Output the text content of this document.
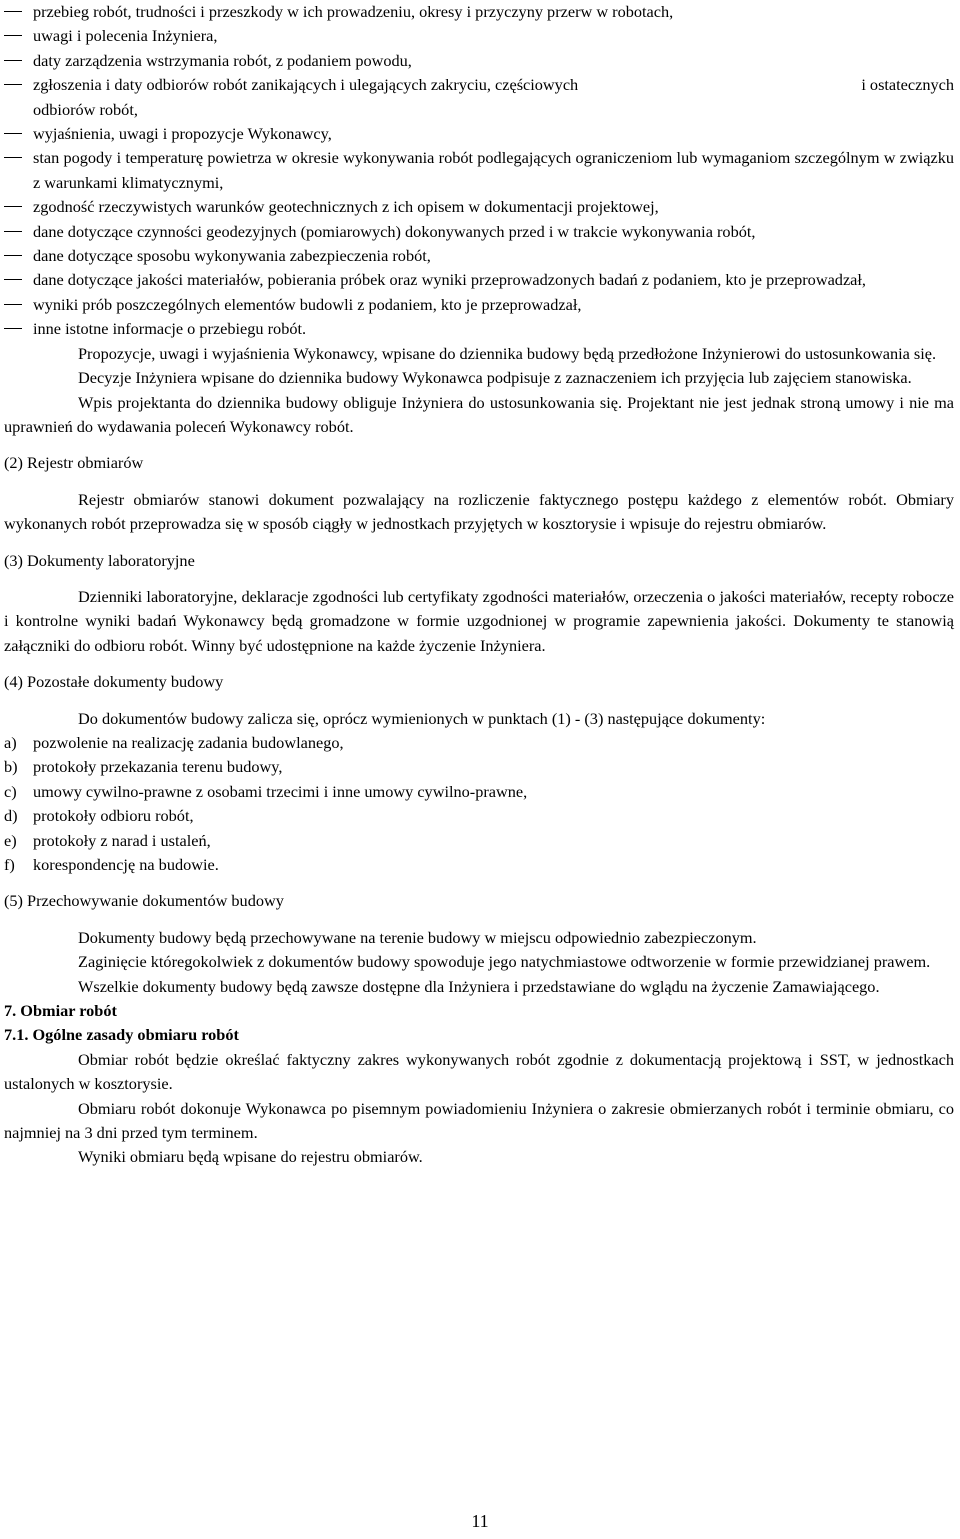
przebieg robót, trudności i przeszkody w ich prowadzeniu, okresy i przyczyny przerw w robotach,
uwagi i polecenia Inżyniera,
daty zarządzenia wstrzymania robót, z podaniem powodu,
zgłoszenia i daty odbiorów robót zanikających i ulegających zakryciu, częściowych	i ostatecznych
odbiorów robót,
wyjaśnienia, uwagi i propozycje Wykonawcy,
stan pogody i temperaturę powietrza w okresie wykonywania robót podlegających ograniczeniom lub wymaganiom szczególnym w związku z warunkami klimatycznymi,
zgodność rzeczywistych warunków geotechnicznych z ich opisem w dokumentacji projektowej,
dane dotyczące czynności geodezyjnych (pomiarowych) dokonywanych przed i w trakcie wykonywania robót,
dane dotyczące sposobu wykonywania zabezpieczenia robót,
dane dotyczące jakości materiałów, pobierania próbek oraz wyniki przeprowadzonych badań z podaniem, kto je przeprowadzał,
wyniki prób poszczególnych elementów budowli z podaniem, kto je przeprowadzał,
inne istotne informacje o przebiegu robót.

Propozycje, uwagi i wyjaśnienia Wykonawcy, wpisane do dziennika budowy będą przedłożone Inżynierowi do ustosunkowania się.

Decyzje Inżyniera wpisane do dziennika budowy Wykonawca podpisuje z zaznaczeniem ich przyjęcia lub zajęciem stanowiska.

Wpis projektanta do dziennika budowy obliguje Inżyniera do ustosunkowania się. Projektant nie jest jednak stroną umowy i nie ma uprawnień do wydawania poleceń Wykonawcy robót.

(2) Rejestr obmiarów

Rejestr obmiarów stanowi dokument pozwalający na rozliczenie faktycznego postępu każdego z elementów robót. Obmiary wykonanych robót przeprowadza się w sposób ciągły w jednostkach przyjętych w kosztorysie i wpisuje do rejestru obmiarów.

(3) Dokumenty laboratoryjne

Dzienniki laboratoryjne, deklaracje zgodności lub certyfikaty zgodności materiałów, orzeczenia o jakości materiałów, recepty robocze i kontrolne wyniki badań Wykonawcy będą gromadzone w formie uzgodnionej w programie zapewnienia jakości. Dokumenty te stanowią załączniki do odbioru robót. Winny być udostępnione na każde życzenie Inżyniera.

(4) Pozostałe dokumenty budowy

Do dokumentów budowy zalicza się, oprócz wymienionych w punktach (1) - (3) następujące dokumenty:

a)	pozwolenie na realizację zadania budowlanego,
b) protokoły przekazania terenu budowy,
c)	umowy cywilno-prawne z osobami trzecimi i inne umowy cywilno-prawne,
d) protokoły odbioru robót,
e)	protokoły z narad i ustaleń,
f)	korespondencję na budowie.

(5) Przechowywanie dokumentów budowy

Dokumenty budowy będą przechowywane na terenie budowy w miejscu odpowiednio zabezpieczonym.

Zaginięcie któregokolwiek z dokumentów budowy spowoduje jego natychmiastowe odtworzenie w formie przewidzianej prawem.

Wszelkie dokumenty budowy będą zawsze dostępne dla Inżyniera i przedstawiane do wglądu na życzenie Zamawiającego.

7. Obmiar robót

7.1. Ogólne zasady obmiaru robót

Obmiar robót będzie określać faktyczny zakres wykonywanych robót zgodnie z dokumentacją projektową i SST, w jednostkach ustalonych w kosztorysie.

Obmiaru robót dokonuje Wykonawca po pisemnym powiadomieniu Inżyniera o zakresie obmierzanych robót i terminie obmiaru, co najmniej na 3 dni przed tym terminem.

Wyniki obmiaru będą wpisane do rejestru obmiarów.

11
